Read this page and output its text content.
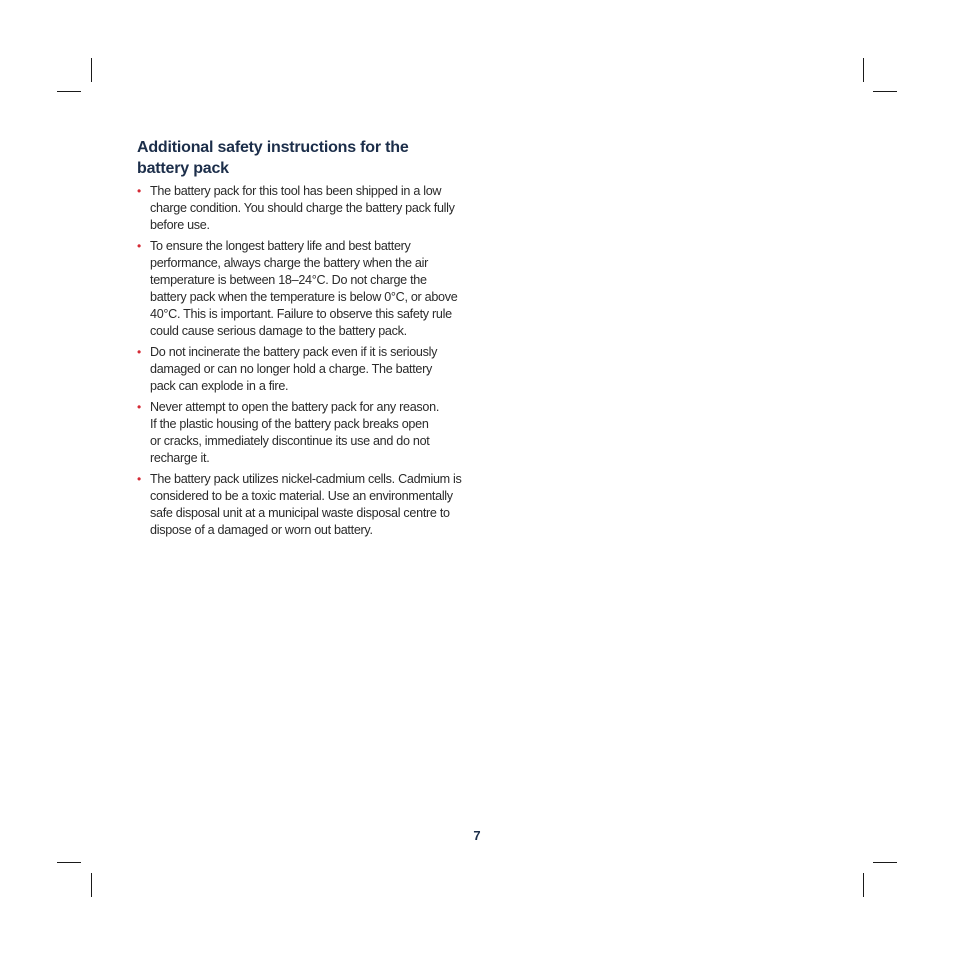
Additional safety instructions for the
battery pack
• The battery pack for this tool has been shipped in a low
charge condition. You should charge the battery pack fully
before use.
• To ensure the longest battery life and best battery
performance, always charge the battery when the air
temperature is between 18–24°C. Do not charge the
battery pack when the temperature is below 0°C, or above
40°C. This is important. Failure to observe this safety rule
could cause serious damage to the battery pack.
• Do not incinerate the battery pack even if it is seriously
damaged or can no longer hold a charge. The battery
pack can explode in a fire.
• Never attempt to open the battery pack for any reason.
If the plastic housing of the battery pack breaks open
or cracks, immediately discontinue its use and do not
recharge it.
• The battery pack utilizes nickel-cadmium cells. Cadmium is
considered to be a toxic material. Use an environmentally
safe disposal unit at a municipal waste disposal centre to
dispose of a damaged or worn out battery.
7
